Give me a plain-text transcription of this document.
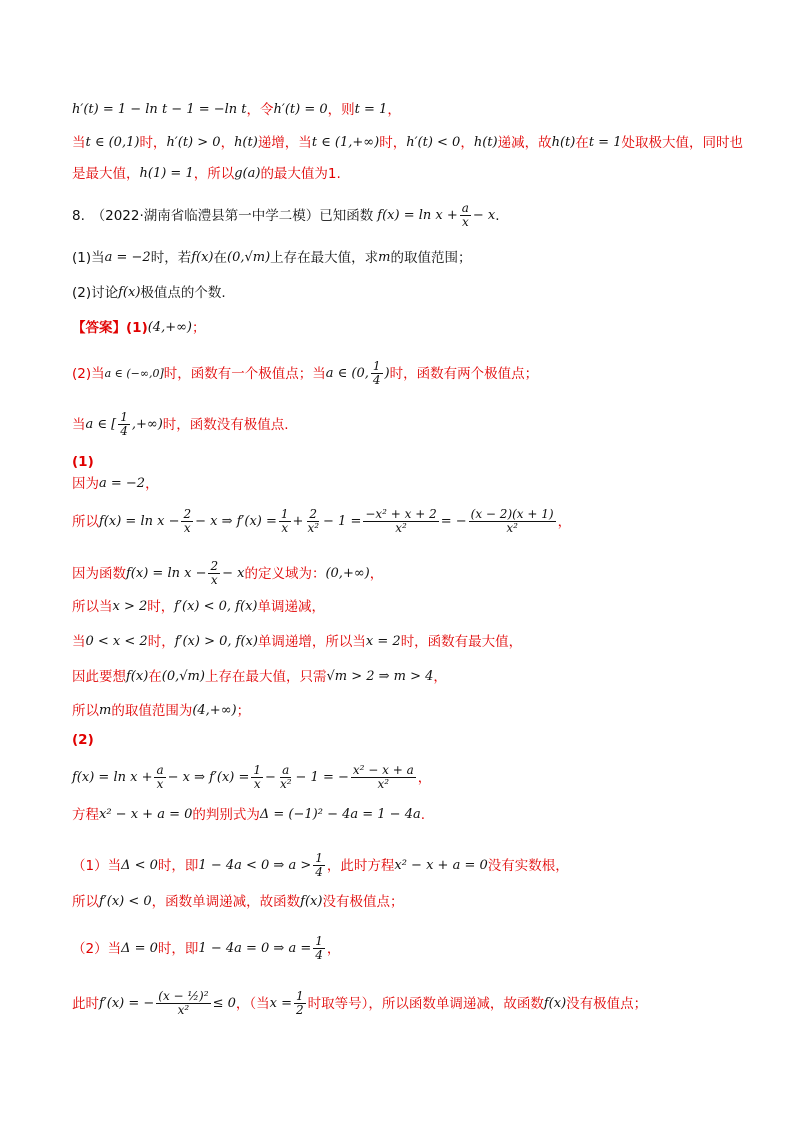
h′(t) = 1 − ln t − 1 = −ln t ，令 h′(t) = 0 ，则 t = 1 ，
当 t ∈ (0,1) 时， h′(t) > 0 ， h(t) 递增，当 t ∈ (1,+∞) 时， h′(t) < 0 ， h(t) 递减，故 h(t) 在 t = 1 处取极大值，同时也
是最大值， h(1) = 1 ，所以 g(a) 的最大值为1.
8.　（2022·湖南省临澧县第一中学二模）已知函数 $f(x) = \ln x + \frac{a}{x} - x$ .
(1)当 a = −2 时，若 f(x) 在 (0,√m) 上存在最大值，求 m 的取值范围；
(2)讨论 f(x) 极值点的个数.
【答案】 (1) (4,+∞) ；
(2)当 a ∈ (−∞,0] 时，函数有一个极值点；当 a ∈ (0, $\frac{1}{4}$ ) 时，函数有两个极值点；
当 a ∈ [ $\frac{1}{4}$ ,+∞) 时，函数没有极值点.
(1)
因为 a = −2 ，
所以 $f(x) = \ln x - \frac{2}{x} - x$ ⇒ $f'(x) = \frac{1}{x} + \frac{2}{\text{x²}} - 1 = \frac{\text{−x² + x + 2}}{\text{x²}}$ = − $\frac{(x - 2)(x + 1)}{\text{x²}}$ ，
因为函数 $f(x) = \ln x - \frac{2}{x} - x$ 的定义域为： (0,+∞) ，
所以当 x > 2 时， f′(x) < 0, f(x) 单调递减，
当 0 < x < 2 时， f′(x) > 0, f(x) 单调递增，所以当 x = 2 时，函数有最大值，
因此要想 f(x) 在 (0,√m) 上存在最大值，只需 √m > 2 ⇒ m > 4 ，
所以 m 的取值范围为 (4,+∞) ；
(2)
$f(x) = \ln x + \frac{a}{x} - x$ ⇒ $f'(x) = \frac{1}{x} - \frac{a}{\text{x²}} - 1$ = − $\frac{\text{x² − x + a}}{\text{x²}}$ ，
方程 x² − x + a = 0 的判别式为 Δ = (−1)² − 4a = 1 − 4a .
（1）当 Δ < 0 时，即 1 − 4a < 0 ⇒ $a > \frac{1}{4}$ ，此时方程 x² − x + a = 0 没有实数根，
所以 f′(x) < 0 ，函数单调递减，故函数 f(x) 没有极值点；
（2）当 Δ = 0 时，即 1 − 4a = 0 ⇒ $a = \frac{1}{4}$ ，
此时 f′(x) = − $\frac{\text{(x − ½)²}}{\text{x²}} \le 0$ ，（当 $x = \frac{1}{2}$ 时取等号），所以函数单调递减，故函数 f(x) 没有极值点；
